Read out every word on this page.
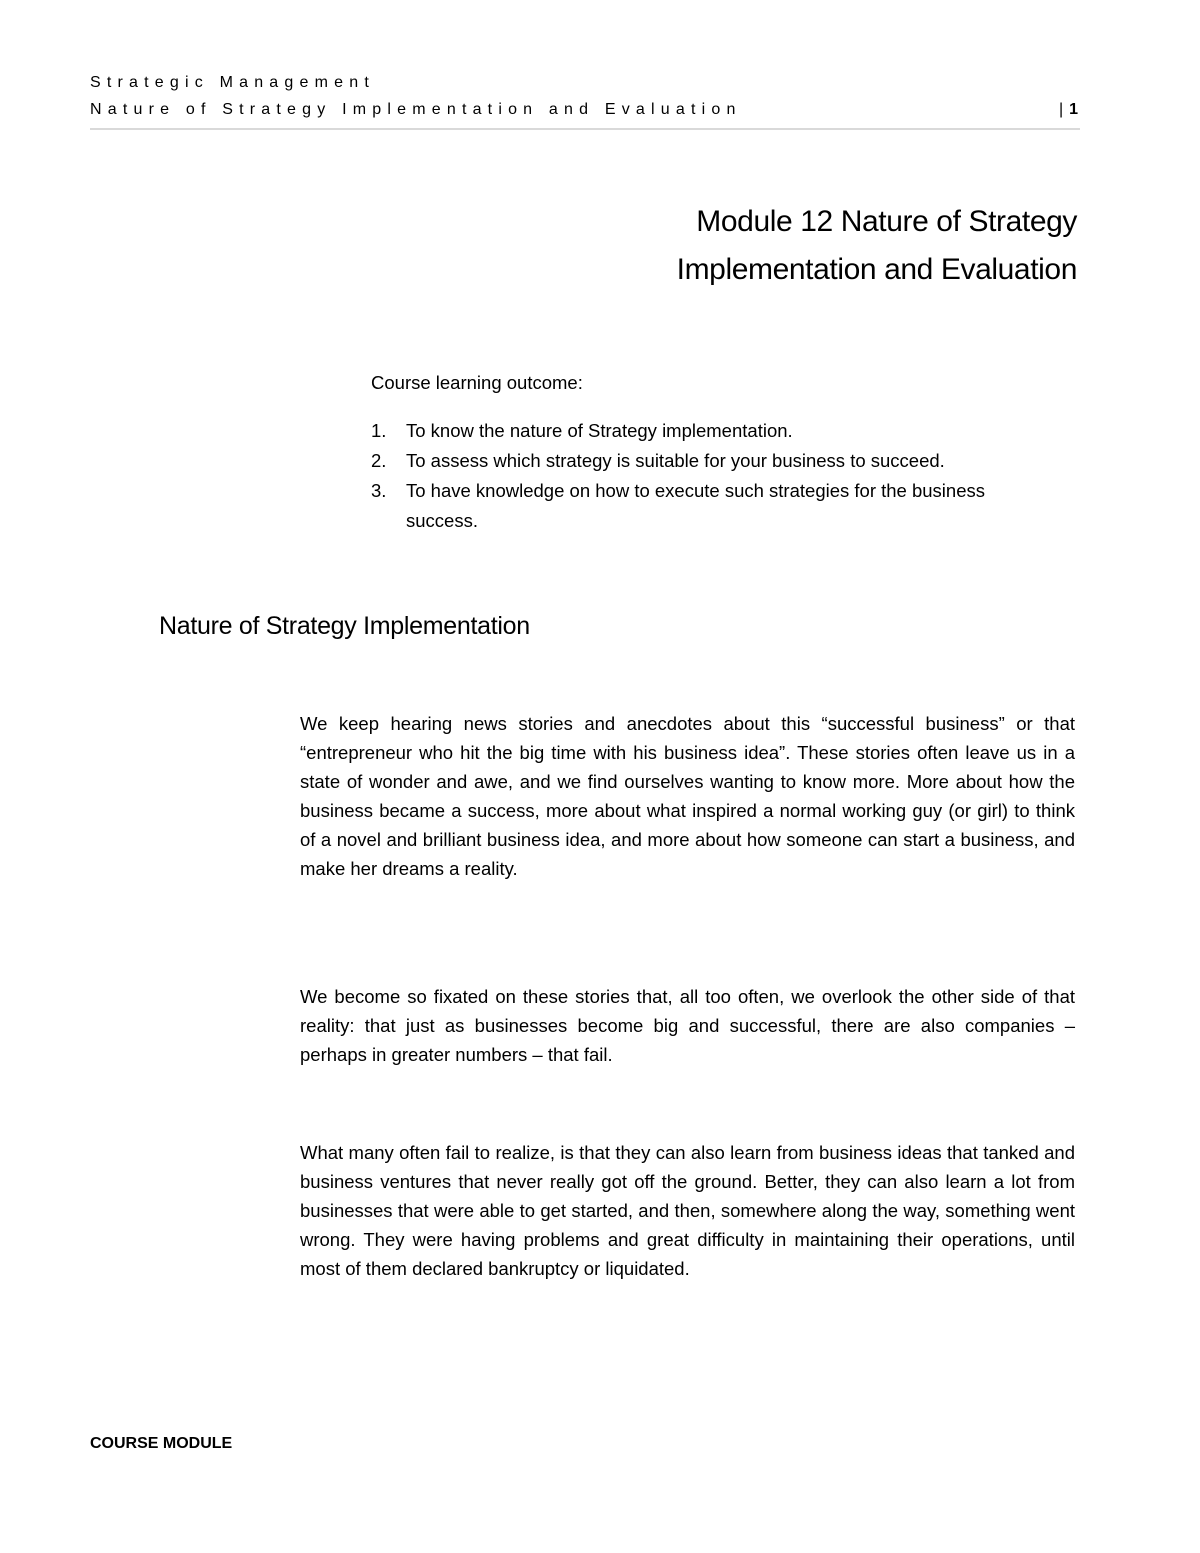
Strategic Management
Nature of Strategy Implementation and Evaluation	| 1
Module 12 Nature of Strategy
Implementation and Evaluation
Course learning outcome:
1. To know the nature of Strategy implementation.
2. To assess which strategy is suitable for your business to succeed.
3. To have knowledge on how to execute such strategies for the business success.
Nature of Strategy Implementation

We keep hearing news stories and anecdotes about this “successful business” or that “entrepreneur who hit the big time with his business idea”. These stories often leave us in a state of wonder and awe, and we find ourselves wanting to know more. More about how the business became a success, more about what inspired a normal working guy (or girl) to think of a novel and brilliant business idea, and more about how someone can start a business, and make her dreams a reality.

We become so fixated on these stories that, all too often, we overlook the other side of that reality: that just as businesses become big and successful, there are also companies – perhaps in greater numbers – that fail.

What many often fail to realize, is that they can also learn from business ideas that tanked and business ventures that never really got off the ground. Better, they can also learn a lot from businesses that were able to get started, and then, somewhere along the way, something went wrong. They were having problems and great difficulty in maintaining their operations, until most of them declared bankruptcy or liquidated.

COURSE MODULE
